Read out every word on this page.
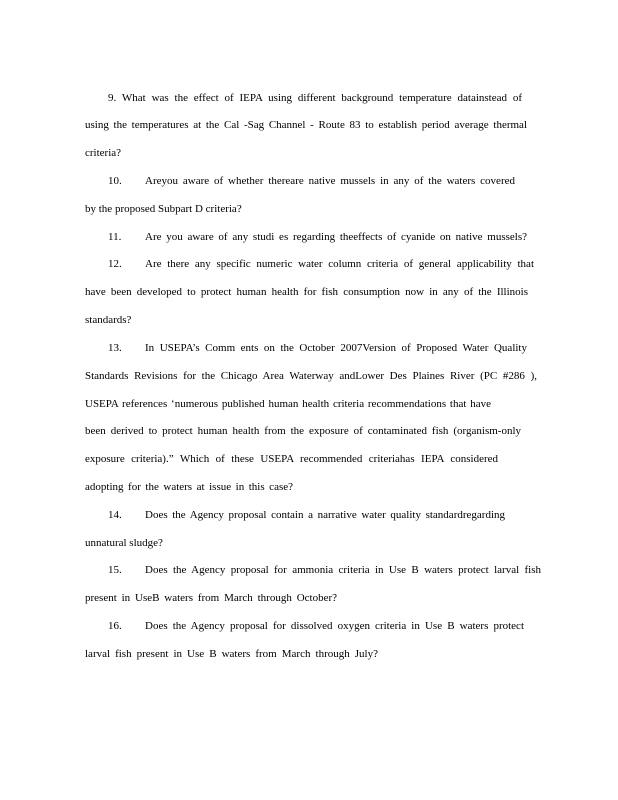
9. What was the effect of IEPA using different background temperature datainstead of
using the temperatures at the Cal -Sag Channel - Route 83 to establish period average thermal
criteria?
10.	Areyou aware of whether thereare native mussels in any of the waters covered
by the proposed Subpart D criteria?
11.	Are you aware of any studi es regarding theeffects of cyanide on native mussels?
12.	Are there any specific numeric water column criteria of general applicability that
have been developed to protect human health for fish consumption now in any of the Illinois
standards?
13.	In USEPA’s Comm ents on the October 2007Version of Proposed Water Quality
Standards Revisions for the Chicago Area Waterway andLower Des Plaines River (PC #286 ),
USEPA references ‘numerous published human health criteria recommendations that have
been derived to protect human health from the exposure of contaminated fish (organism-only
exposure criteria).” Which of these USEPA recommended criteriahas IEPA considered
adopting for the waters at issue in this case?
14.	Does the Agency proposal contain a narrative water quality standardregarding
unnatural sludge?
15.	Does the Agency proposal for ammonia criteria in Use B waters protect larval fish
present in UseB waters from March through October?
16.	Does the Agency proposal for dissolved oxygen criteria in Use B waters protect
larval fish present in Use B waters from March through July?
